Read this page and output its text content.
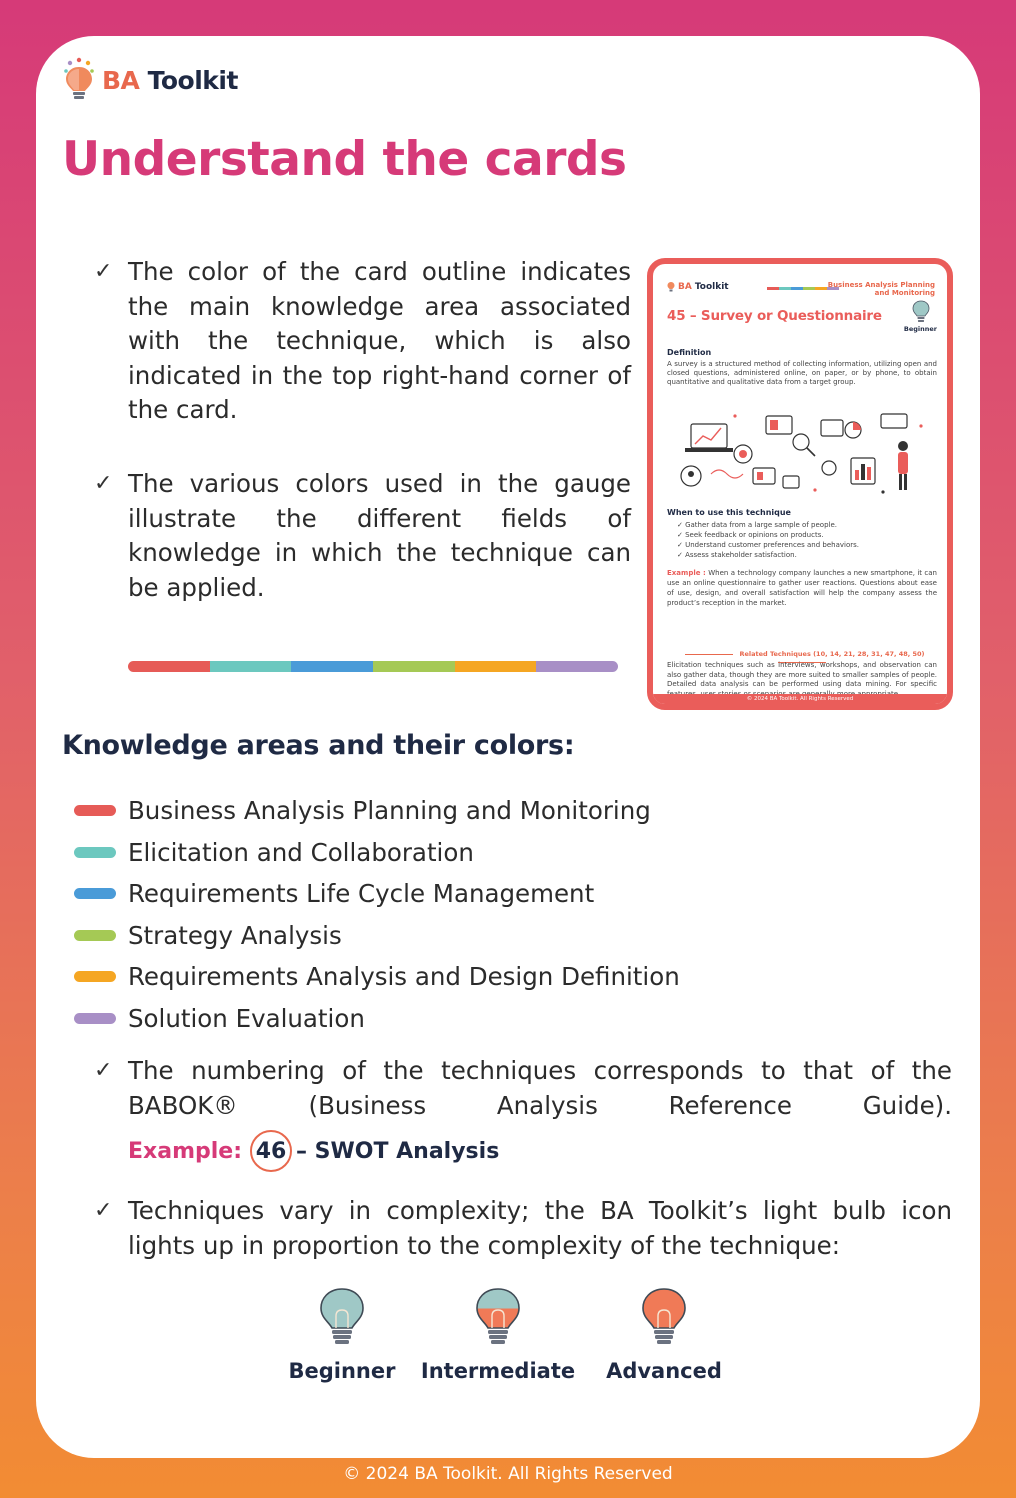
BA Toolkit
Understand the cards
✓ The color of the card outline indicates the main knowledge area associated with the technique, which is also indicated in the top right-hand corner of the card.

✓ The various colors used in the gauge illustrate the different fields of knowledge in which the technique can be applied.

BA Toolkit	Business Analysis Planning
and Monitoring
45 – Survey or Questionnaire
Beginner
Definition

A survey is a structured method of collecting information, utilizing open and closed questions, administered online, on paper, or by phone, to obtain quantitative and qualitative data from a target group.

When to use this technique
✓ Gather data from a large sample of people.
✓ Seek feedback or opinions on products.
✓ Understand customer preferences and behaviors.
✓ Assess stakeholder satisfaction.

Example : When a technology company launches a new smartphone, it can use an online questionnaire to gather user reactions. Questions about ease of use, design, and overall satisfaction will help the company assess the product’s reception in the market.

Related Techniques (10, 14, 21, 28, 31, 47, 48, 50)

Elicitation techniques such as interviews, workshops, and observation can also gather data, though they are more suited to smaller samples of people. Detailed data analysis can be performed using data mining. For specific

© 2024 BA Toolkit. All Rights Reserved
Knowledge areas and their colors:
Business Analysis Planning and Monitoring
Elicitation and Collaboration
Requirements Life Cycle Management
Strategy Analysis
Requirements Analysis and Design Definition
Solution Evaluation
✓ The numbering of the techniques corresponds to that of the BABOK® (Business Analysis Reference Guide).

Example: 46 – SWOT Analysis
✓ Techniques vary in complexity; the BA Toolkit’s light bulb icon lights up in proportion to the complexity of the technique:

Beginner	Intermediate	Advanced
© 2024 BA Toolkit. All Rights Reserved
